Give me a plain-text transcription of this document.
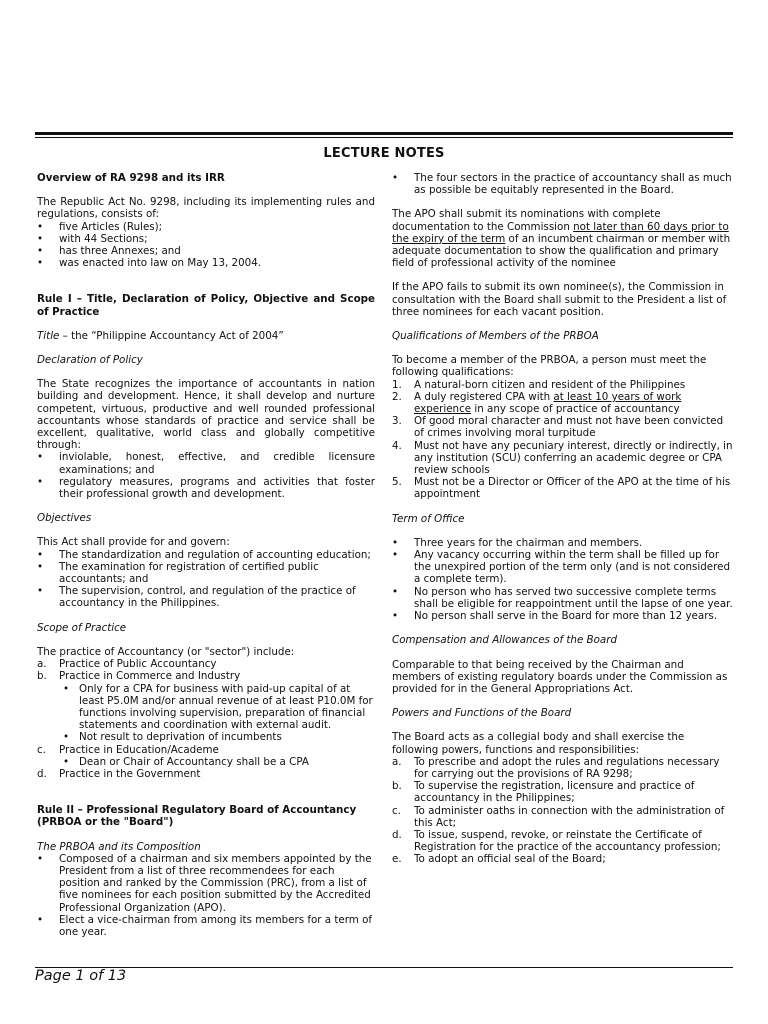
LECTURE NOTES
Overview of RA 9298 and its IRR
The Republic Act No. 9298, including its implementing rules and regulations, consists of:
•	five Articles (Rules);
•	with 44 Sections;
•	has three Annexes; and
•	was enacted into law on May 13, 2004.
Rule I – Title, Declaration of Policy, Objective and Scope of Practice
Title – the “Philippine Accountancy Act of 2004”
Declaration of Policy
The State recognizes the importance of accountants in nation building and development. Hence, it shall develop and nurture competent, virtuous, productive and well rounded professional accountants whose standards of practice and service shall be excellent, qualitative, world class and globally competitive through:
•	inviolable, honest, effective, and credible licensure examinations; and
•	regulatory measures, programs and activities that foster their professional growth and development.
Objectives
This Act shall provide for and govern:
•	The standardization and regulation of accounting education;
•	The examination for registration of certified public accountants; and
•	The supervision, control, and regulation of the practice of accountancy in the Philippines.
Scope of Practice
The practice of Accountancy (or "sector") include:
a.	Practice of Public Accountancy
b.	Practice in Commerce and Industry
• Only for a CPA for business with paid-up capital of at least P5.0M and/or annual revenue of at least P10.0M for functions involving supervision, preparation of financial statements and coordination with external audit.
• Not result to deprivation of incumbents
c.	Practice in Education/Academe
• Dean or Chair of Accountancy shall be a CPA
d.	Practice in the Government
Rule II – Professional Regulatory Board of Accountancy (PRBOA or the "Board")
The PRBOA and its Composition
•	Composed of a chairman and six members appointed by the President from a list of three recommendees for each position and ranked by the Commission (PRC), from a list of five nominees for each position submitted by the Accredited Professional Organization (APO).
•	Elect a vice-chairman from among its members for a term of one year.
•	The four sectors in the practice of accountancy shall as much as possible be equitably represented in the Board.
The APO shall submit its nominations with complete documentation to the Commission not later than 60 days prior to the expiry of the term of an incumbent chairman or member with adequate documentation to show the qualification and primary field of professional activity of the nominee
If the APO fails to submit its own nominee(s), the Commission in consultation with the Board shall submit to the President a list of three nominees for each vacant position.
Qualifications of Members of the PRBOA
To become a member of the PRBOA, a person must meet the following qualifications:
1.	A natural-born citizen and resident of the Philippines
2.	A duly registered CPA with at least 10 years of work experience in any scope of practice of accountancy
3.	Of good moral character and must not have been convicted of crimes involving moral turpitude
4.	Must not have any pecuniary interest, directly or indirectly, in any institution (SCU) conferring an academic degree or CPA review schools
5.	Must not be a Director or Officer of the APO at the time of his appointment
Term of Office
•	Three years for the chairman and members.
•	Any vacancy occurring within the term shall be filled up for the unexpired portion of the term only (and is not considered a complete term).
•	No person who has served two successive complete terms shall be eligible for reappointment until the lapse of one year.
•	No person shall serve in the Board for more than 12 years.
Compensation and Allowances of the Board
Comparable to that being received by the Chairman and members of existing regulatory boards under the Commission as provided for in the General Appropriations Act.
Powers and Functions of the Board
The Board acts as a collegial body and shall exercise the following powers, functions and responsibilities:
a.	To prescribe and adopt the rules and regulations necessary for carrying out the provisions of RA 9298;
b.	To supervise the registration, licensure and practice of accountancy in the Philippines;
c.	To administer oaths in connection with the administration of this Act;
d.	To issue, suspend, revoke, or reinstate the Certificate of Registration for the practice of the accountancy profession;
e.	To adopt an official seal of the Board;
Page 1 of 13
